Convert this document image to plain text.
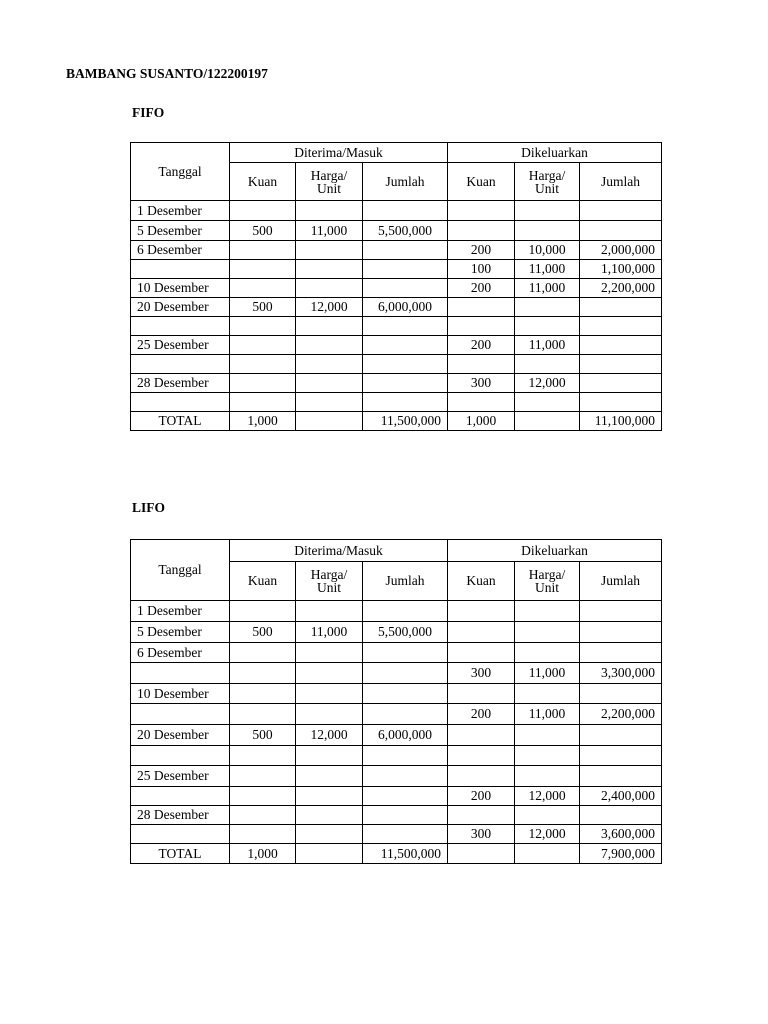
BAMBANG SUSANTO/122200197
FIFO
Tanggal	Diterima/Masuk			Dikeluarkan		
	Kuan	Harga/ Unit	Jumlah	Kuan	Harga/ Unit	Jumlah
1 Desember						
5 Desember	500	11,000	5,500,000			
6 Desember				200	10,000	2,000,000
				100	11,000	1,100,000
10 Desember				200	11,000	2,200,000
20 Desember	500	12,000	6,000,000			

25 Desember				200	11,000	

28 Desember				300	12,000	

TOTAL	1,000		11,500,000	1,000		11,100,000
LIFO
Tanggal	Diterima/Masuk			Dikeluarkan		
	Kuan	Harga/ Unit	Jumlah	Kuan	Harga/ Unit	Jumlah
1 Desember						
5 Desember	500	11,000	5,500,000			
6 Desember						
				300	11,000	3,300,000
10 Desember						
				200	11,000	2,200,000
20 Desember	500	12,000	6,000,000			

25 Desember						
				200	12,000	2,400,000
28 Desember						
				300	12,000	3,600,000
TOTAL	1,000		11,500,000			7,900,000
